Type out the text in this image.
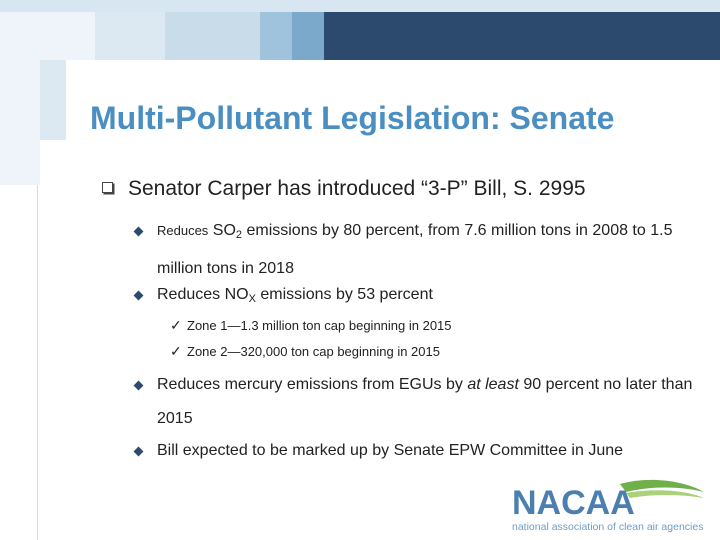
Multi-Pollutant Legislation: Senate
Senator Carper has introduced “3-P” Bill, S. 2995
Reduces $SO_2$ emissions by 80 percent, from 7.6 million tons in 2008 to 1.5 million tons in 2018
Reduces $NO_X$ emissions by 53 percent
✓ Zone 1—1.3 million ton cap beginning in 2015
✓ Zone 2—320,000 ton cap beginning in 2015
Reduces mercury emissions from EGUs by at least 90 percent no later than 2015
Bill expected to be marked up by Senate EPW Committee in June
NACAA
national association of clean air agencies
